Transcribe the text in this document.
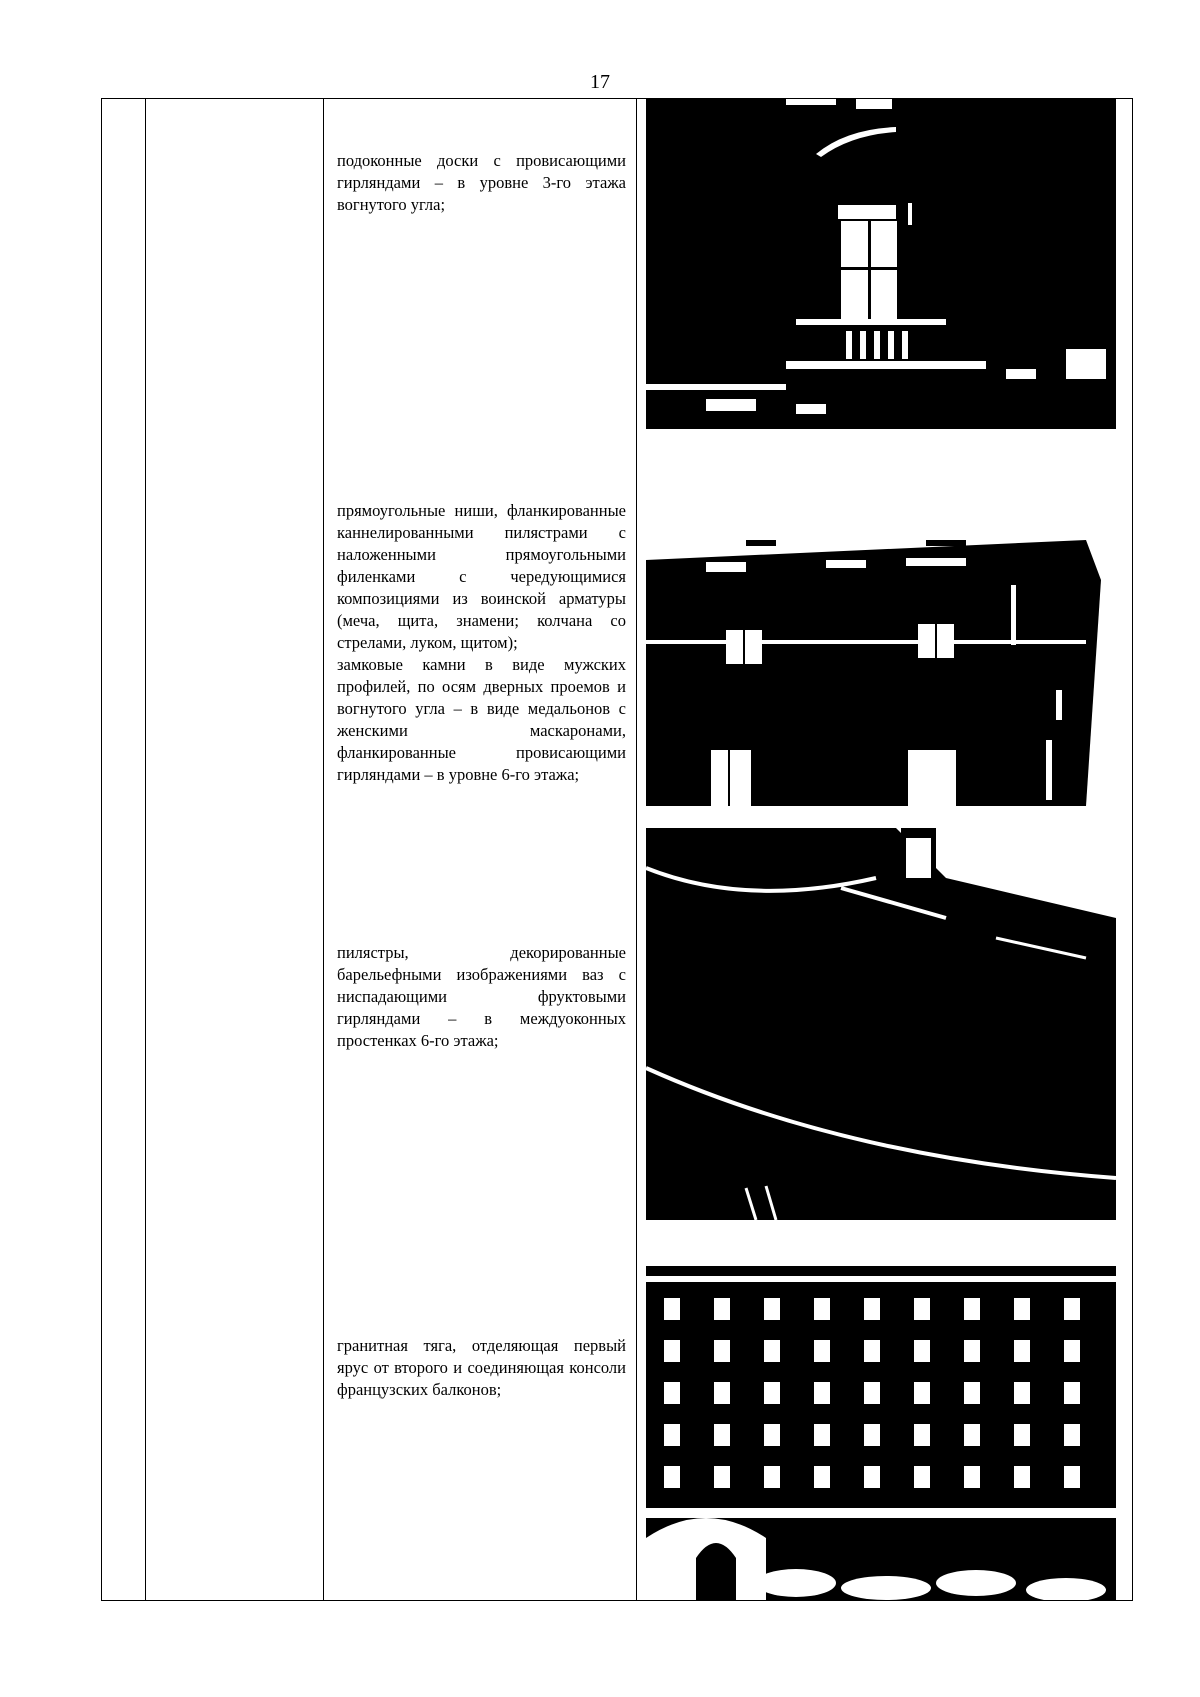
17

подоконные доски с провисающими гирляндами – в уровне 3-го этажа вогнутого угла;

прямоугольные ниши, фланкированные каннелированными пилястрами с наложенными прямоугольными филенками с чередующимися композициями из воинской арматуры (меча, щита, знамени; колчана со стрелами, луком, щитом);
замковые камни в виде мужских профилей, по осям дверных проемов и вогнутого угла – в виде медальонов с женскими маскаронами, фланкированные провисающими гирляндами – в уровне 6-го этажа;

пилястры, декорированные барельефными изображениями ваз с ниспадающими фруктовыми гирляндами – в междуоконных простенках 6-го этажа;

гранитная тяга, отделяющая первый ярус от второго и соединяющая консоли французских балконов;
